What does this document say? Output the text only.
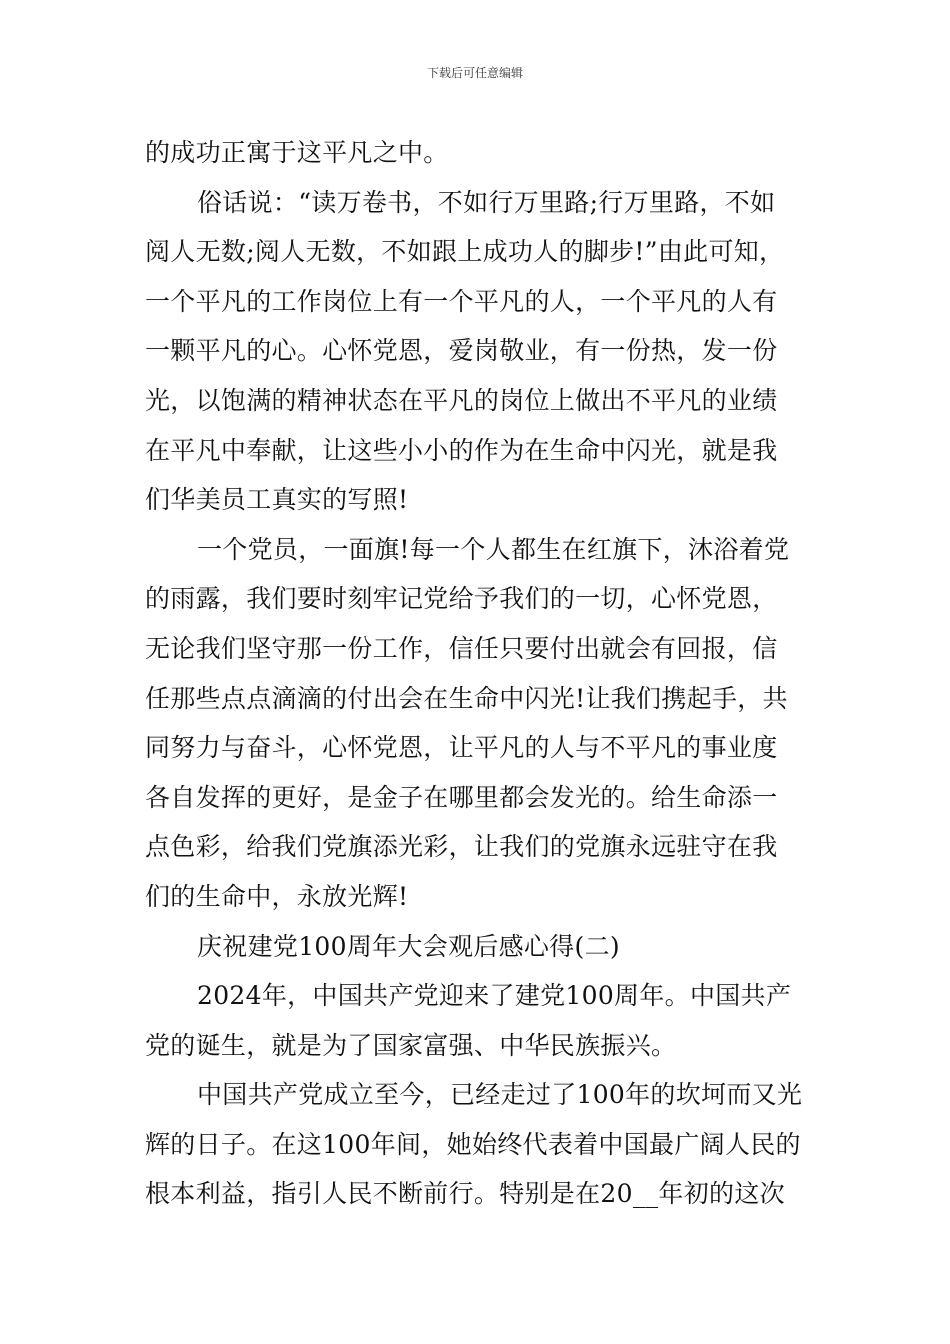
下载后可任意编辑
的成功正寓于这平凡之中。
俗话说：“读万卷书，不如行万里路;行万里路，不如
阅人无数;阅人无数，不如跟上成功人的脚步!”由此可知，
一个平凡的工作岗位上有一个平凡的人，一个平凡的人有
一颗平凡的心。心怀党恩，爱岗敬业，有一份热，发一份
光，以饱满的精神状态在平凡的岗位上做出不平凡的业绩
在平凡中奉献，让这些小小的作为在生命中闪光，就是我
们华美员工真实的写照!
一个党员，一面旗!每一个人都生在红旗下，沐浴着党
的雨露，我们要时刻牢记党给予我们的一切，心怀党恩，
无论我们坚守那一份工作，信任只要付出就会有回报，信
任那些点点滴滴的付出会在生命中闪光!让我们携起手，共
同努力与奋斗，心怀党恩，让平凡的人与不平凡的事业度
各自发挥的更好，是金子在哪里都会发光的。给生命添一
点色彩，给我们党旗添光彩，让我们的党旗永远驻守在我
们的生命中，永放光辉!
庆祝建党100周年大会观后感心得(二)
2024年，中国共产党迎来了建党100周年。中国共产
党的诞生，就是为了国家富强、中华民族振兴。
中国共产党成立至今，已经走过了100年的坎坷而又光
辉的日子。在这100年间，她始终代表着中国最广阔人民的
根本利益，指引人民不断前行。特别是在20__年初的这次
